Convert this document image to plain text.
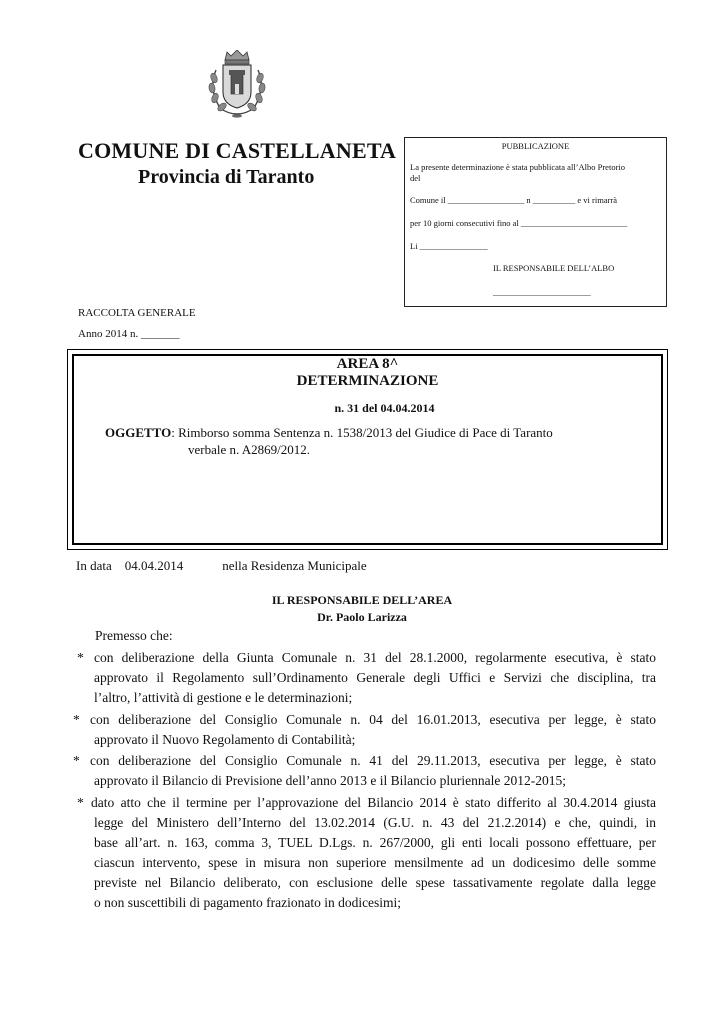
COMUNE DI CASTELLANETA
Provincia di Taranto
PUBBLICAZIONE
La presente determinazione è stata pubblicata all’Albo Pretorio
del
Comune il __________________ n __________ e vi rimarrà
per 10 giorni consecutivi fino al _________________________
Li ________________
IL RESPONSABILE DELL’ALBO
_______________________
RACCOLTA GENERALE
Anno 2014 n. _______
AREA 8^
DETERMINAZIONE
n. 31 del 04.04.2014
OGGETTO: Rimborso somma Sentenza n. 1538/2013 del Giudice di Pace di Taranto
verbale n. A2869/2012.
In data    04.04.2014            nella Residenza Municipale
IL RESPONSABILE DELL’AREA
Dr. Paolo Larizza
Premesso che:
* con deliberazione della Giunta Comunale n. 31 del 28.1.2000, regolarmente esecutiva, è stato
approvato il Regolamento sull’Ordinamento Generale degli Uffici e Servizi che disciplina, tra
l’altro, l’attività di gestione e le determinazioni;
* con deliberazione del Consiglio Comunale n. 04 del 16.01.2013, esecutiva per legge, è stato
approvato il Nuovo Regolamento di Contabilità;
* con deliberazione del Consiglio Comunale n. 41 del 29.11.2013, esecutiva per legge, è stato
approvato il Bilancio di Previsione dell’anno 2013 e il Bilancio pluriennale 2012-2015;
* dato atto che il termine per l’approvazione del Bilancio 2014 è stato differito al 30.4.2014 giusta
legge del Ministero dell’Interno del 13.02.2014 (G.U. n. 43 del 21.2.2014) e che, quindi, in
base all’art. n. 163, comma 3, TUEL D.Lgs. n. 267/2000, gli enti locali possono effettuare, per
ciascun intervento, spese in misura non superiore mensilmente ad un dodicesimo delle somme
previste nel Bilancio deliberato, con esclusione delle spese tassativamente regolate dalla legge
o non suscettibili di pagamento frazionato in dodicesimi;
